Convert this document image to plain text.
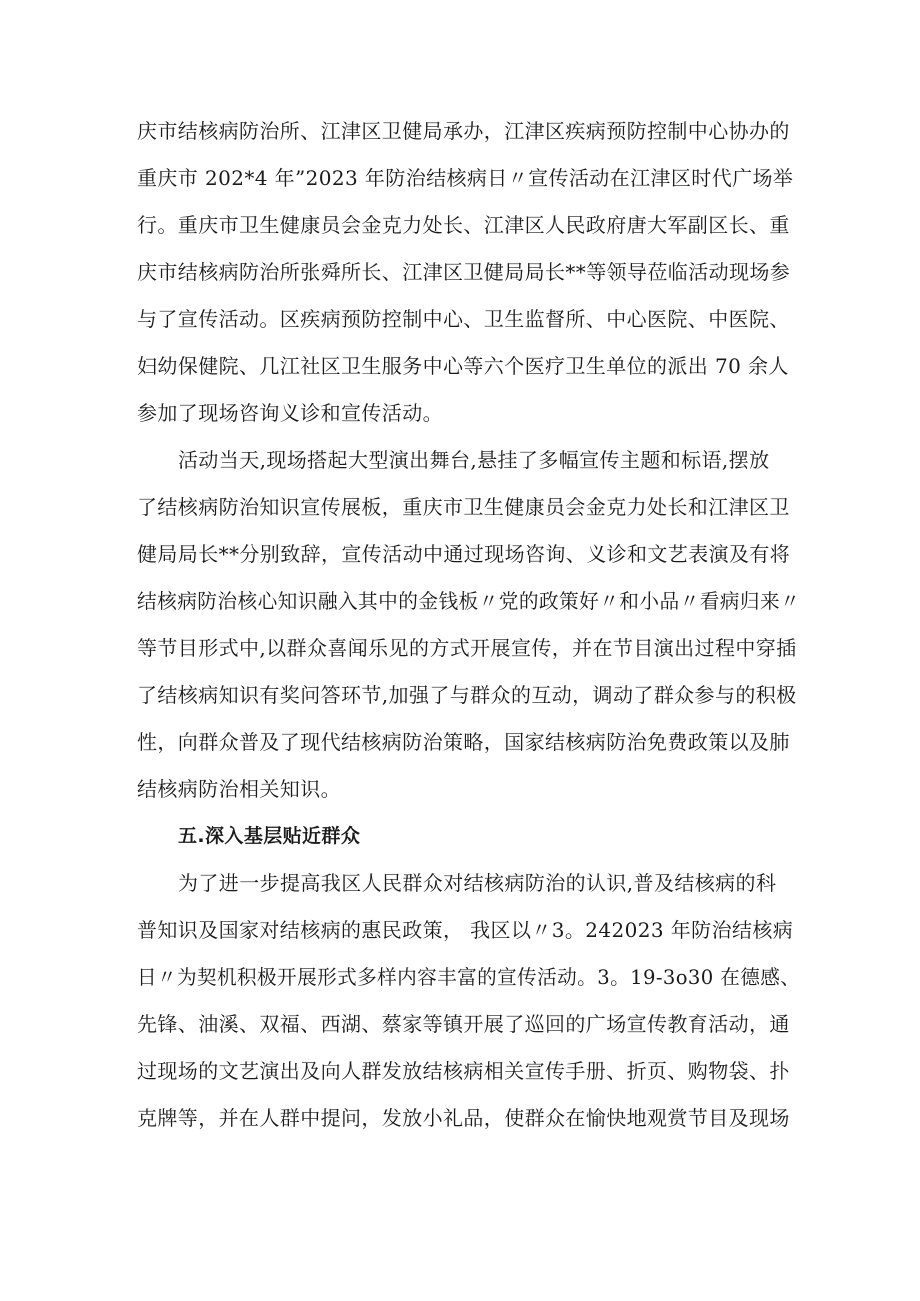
庆市结核病防治所、江津区卫健局承办，江津区疾病预防控制中心协办的
重庆市 202*4 年”2023 年防治结核病日〃宣传活动在江津区时代广场举
行。重庆市卫生健康员会金克力处长、江津区人民政府唐大军副区长、重
庆市结核病防治所张舜所长、江津区卫健局局长**等领导莅临活动现场参
与了宣传活动。区疾病预防控制中心、卫生监督所、中心医院、中医院、
妇幼保健院、几江社区卫生服务中心等六个医疗卫生单位的派出 70 余人
参加了现场咨询义诊和宣传活动。
活动当天,现场搭起大型演出舞台,悬挂了多幅宣传主题和标语,摆放
了结核病防治知识宣传展板，重庆市卫生健康员会金克力处长和江津区卫
健局局长**分别致辞，宣传活动中通过现场咨询、义诊和文艺表演及有将
结核病防治核心知识融入其中的金钱板〃党的政策好〃和小品〃看病归来〃
等节目形式中,以群众喜闻乐见的方式开展宣传，并在节目演出过程中穿插
了结核病知识有奖问答环节,加强了与群众的互动，调动了群众参与的积极
性，向群众普及了现代结核病防治策略，国家结核病防治免费政策以及肺
结核病防治相关知识。
五.深入基层贴近群众
为了进一步提高我区人民群众对结核病防治的认识,普及结核病的科
普知识及国家对结核病的惠民政策， 我区以〃3。242023 年防治结核病
日〃为契机积极开展形式多样内容丰富的宣传活动。3。19-3o30 在德感、
先锋、油溪、双福、西湖、蔡家等镇开展了巡回的广场宣传教育活动，通
过现场的文艺演出及向人群发放结核病相关宣传手册、折页、购物袋、扑
克牌等，并在人群中提问，发放小礼品，使群众在愉快地观赏节目及现场
